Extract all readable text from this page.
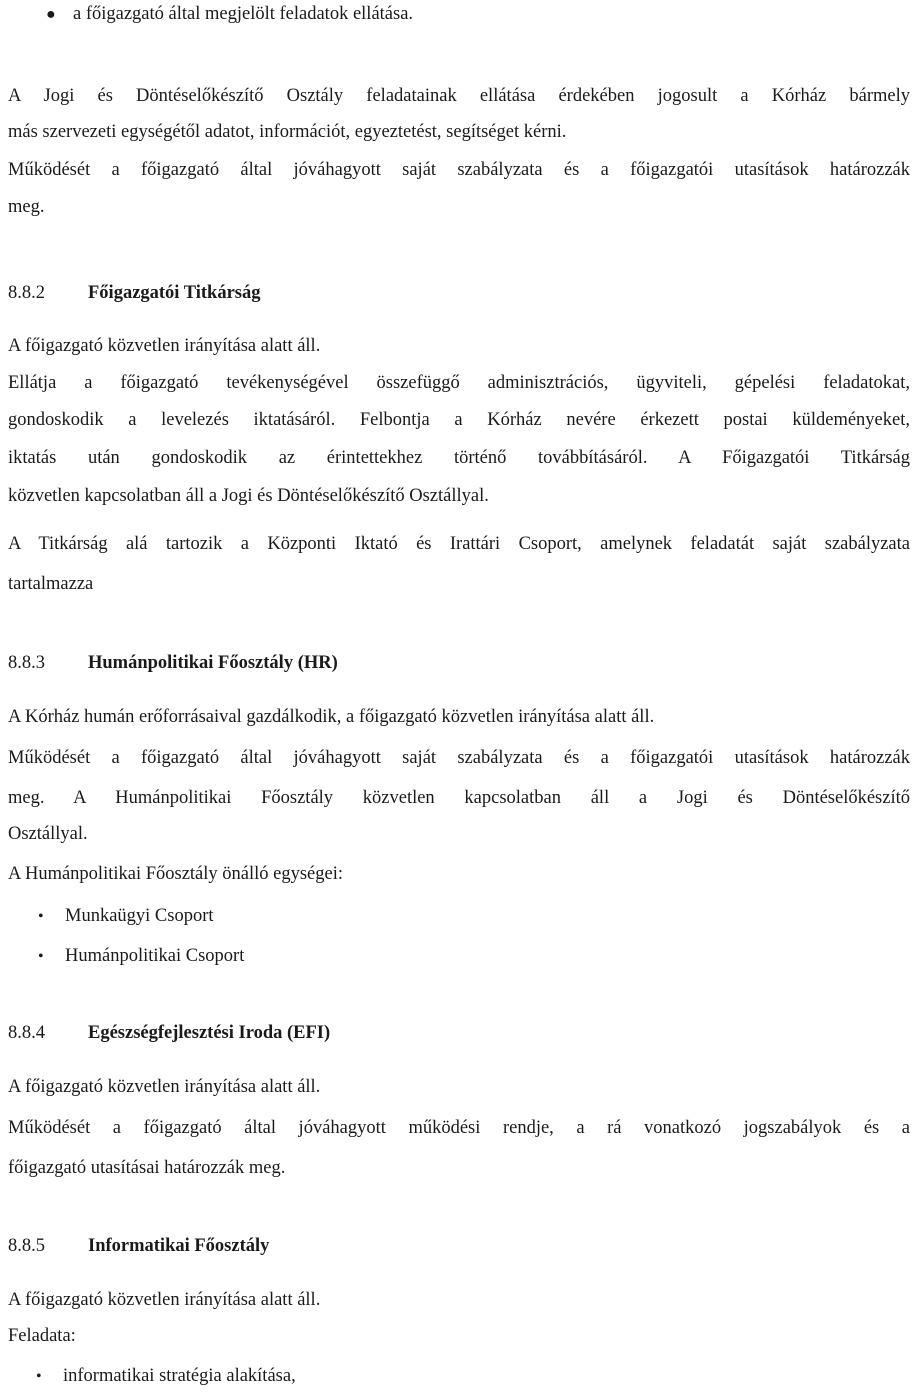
● a főigazgató által megjelölt feladatok ellátása.
A Jogi és Döntéselőkészítő Osztály feladatainak ellátása érdekében jogosult a Kórház bármely
más szervezeti egységétől adatot, információt, egyeztetést, segítséget kérni.
Működését a főigazgató által jóváhagyott saját szabályzata és a főigazgatói utasítások határozzák
meg.
8.8.2 Főigazgatói Titkárság
A főigazgató közvetlen irányítása alatt áll.
Ellátja a főigazgató tevékenységével összefüggő adminisztrációs, ügyviteli, gépelési feladatokat,
gondoskodik a levelezés iktatásáról. Felbontja a Kórház nevére érkezett postai küldeményeket,
iktatás után gondoskodik az érintettekhez történő továbbításáról. A Főigazgatói Titkárság
közvetlen kapcsolatban áll a Jogi és Döntéselőkészítő Osztállyal.
A Titkárság alá tartozik a Központi Iktató és Irattári Csoport, amelynek feladatát saját szabályzata
tartalmazza
8.8.3 Humánpolitikai Főosztály (HR)
A Kórház humán erőforrásaival gazdálkodik, a főigazgató közvetlen irányítása alatt áll.
Működését a főigazgató által jóváhagyott saját szabályzata és a főigazgatói utasítások határozzák
meg. A Humánpolitikai Főosztály közvetlen kapcsolatban áll a Jogi és Döntéselőkészítő
Osztállyal.
A Humánpolitikai Főosztály önálló egységei:
• Munkaügyi Csoport
• Humánpolitikai Csoport
8.8.4 Egészségfejlesztési Iroda (EFI)
A főigazgató közvetlen irányítása alatt áll.
Működését a főigazgató által jóváhagyott működési rendje, a rá vonatkozó jogszabályok és a
főigazgató utasításai határozzák meg.
8.8.5 Informatikai Főosztály
A főigazgató közvetlen irányítása alatt áll.
Feladata:
• informatikai stratégia alakítása,
